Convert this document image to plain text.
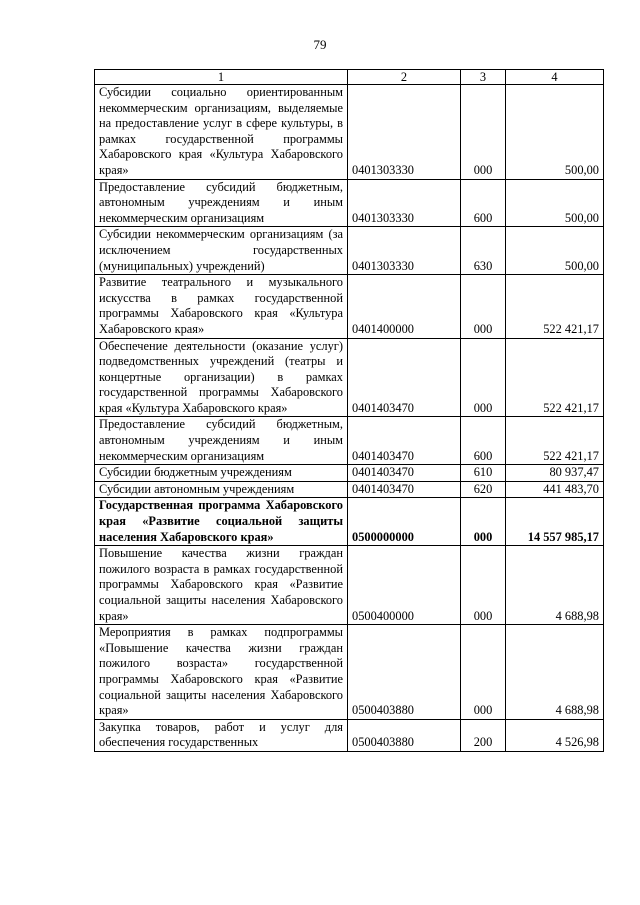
79
1	2	3	4
Субсидии социально ориентированным некоммерческим организациям, выделяемые на предоставление услуг в сфере культуры, в рамках государственной программы Хабаровского края «Культура Хабаровского края»	0401303330	000	500,00
Предоставление субсидий бюджетным, автономным учреждениям и иным некоммерческим организациям	0401303330	600	500,00
Субсидии некоммерческим организациям (за исключением государственных (муниципальных) учреждений)	0401303330	630	500,00
Развитие театрального и музыкального искусства в рамках государственной программы Хабаровского края «Культура Хабаровского края»	0401400000	000	522 421,17
Обеспечение деятельности (оказание услуг) подведомственных учреждений (театры и концертные организации) в рамках государственной программы Хабаровского края «Культура Хабаровского края»	0401403470	000	522 421,17
Предоставление субсидий бюджетным, автономным учреждениям и иным некоммерческим организациям	0401403470	600	522 421,17
Субсидии бюджетным учреждениям	0401403470	610	80 937,47
Субсидии автономным учреждениям	0401403470	620	441 483,70
Государственная программа Хабаровского края «Развитие социальной защиты населения Хабаровского края»	0500000000	000	14 557 985,17
Повышение качества жизни граждан пожилого возраста в рамках государственной программы Хабаровского края «Развитие социальной защиты населения Хабаровского края»	0500400000	000	4 688,98
Мероприятия в рамках подпрограммы «Повышение качества жизни граждан пожилого возраста» государственной программы Хабаровского края «Развитие социальной защиты населения Хабаровского края»	0500403880	000	4 688,98
Закупка товаров, работ и услуг для обеспечения государственных	0500403880	200	4 526,98
